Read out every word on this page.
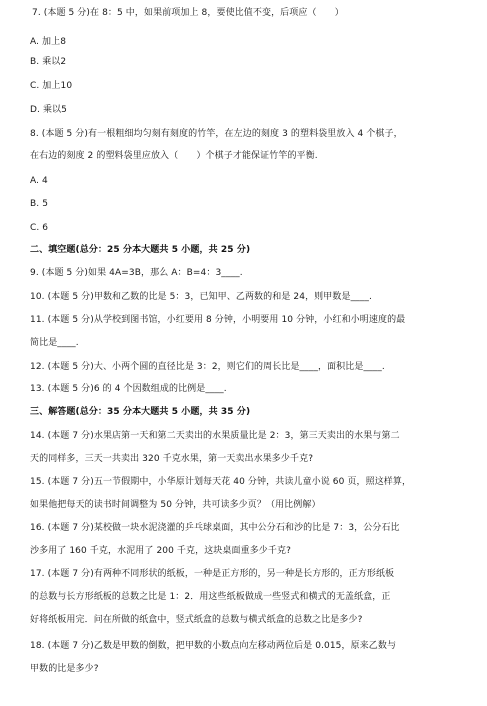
7. (本题 5 分)在 8：5 中，如果前项加上 8，要使比值不变，后项应（　　）
A. 加上8
B. 乘以2
C. 加上10
D. 乘以5
8. (本题 5 分)有一根粗细均匀刻有刻度的竹竿，在左边的刻度 3 的塑料袋里放入 4 个棋子，
在右边的刻度 2 的塑料袋里应放入（　　）个棋子才能保证竹竿的平衡.
A. 4
B. 5
C. 6
二、填空题(总分：25 分本大题共 5 小题，共 25 分)
9. (本题 5 分)如果 4A=3B，那么 A：B=4：3____.
10. (本题 5 分)甲数和乙数的比是 5：3，已知甲、乙两数的和是 24，则甲数是____.
11. (本题 5 分)从学校到图书馆，小红要用 8 分钟，小明要用 10 分钟，小红和小明速度的最
简比是____.
12. (本题 5 分)大、小两个圆的直径比是 3：2，则它们的周长比是____，面积比是____.
13. (本题 5 分)6 的 4 个因数组成的比例是____.
三、解答题(总分：35 分本大题共 5 小题，共 35 分)
14. (本题 7 分)水果店第一天和第二天卖出的水果质量比是 2：3，第三天卖出的水果与第二
天的同样多，三天一共卖出 320 千克水果，第一天卖出水果多少千克?
15. (本题 7 分)五一节假期中，小华原计划每天花 40 分钟，共读儿童小说 60 页，照这样算，
如果他把每天的读书时间调整为 50 分钟，共可读多少页？（用比例解）
16. (本题 7 分)某校做一块水泥浇灌的乒乓球桌面，其中公分石和沙的比是 7：3，公分石比
沙多用了 160 千克，水泥用了 200 千克，这块桌面重多少千克?
17. (本题 7 分)有两种不同形状的纸板，一种是正方形的，另一种是长方形的，正方形纸板
的总数与长方形纸板的总数之比是 1：2．用这些纸板做成一些竖式和横式的无盖纸盒，正
好将纸板用完．问在所做的纸盒中，竖式纸盒的总数与横式纸盒的总数之比是多少?
18. (本题 7 分)乙数是甲数的倒数，把甲数的小数点向左移动两位后是 0.015，原来乙数与
甲数的比是多少?
